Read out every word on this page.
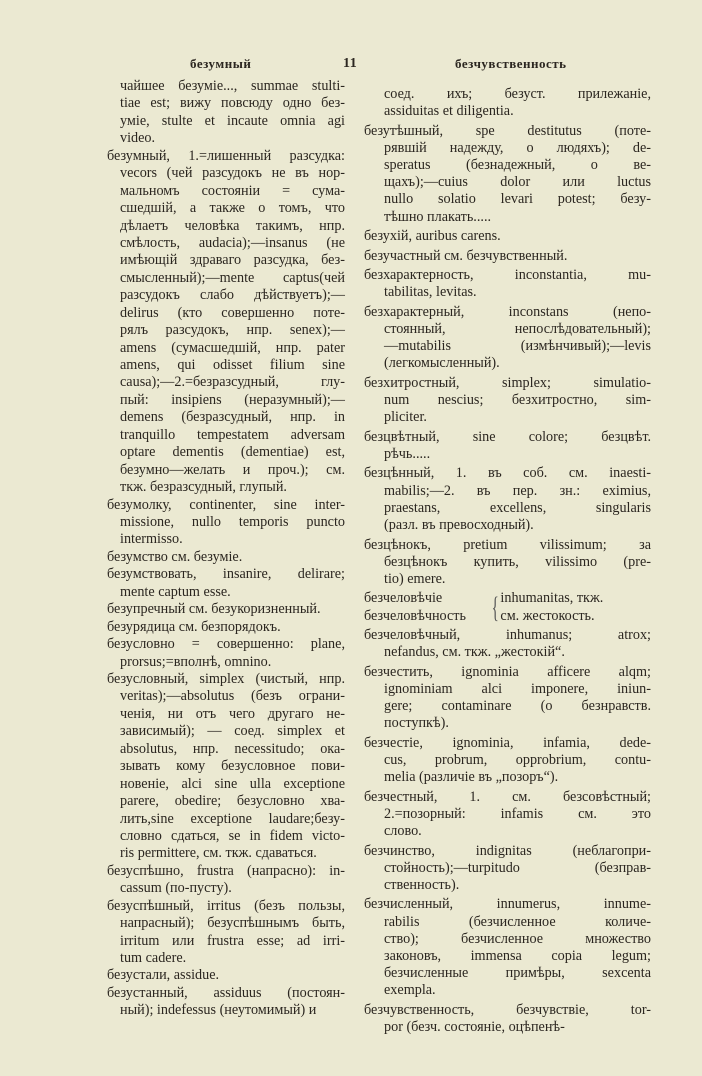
безумный	11	безчувственность
чайшее безуміе..., summae stulti-
tiae est; вижу повсюду одно без-
уміе, stulte et incaute omnia agi
video.
безумный, 1.=лишенный разсудка:
vecors (чей разсудокъ не въ нор-
мальномъ состояніи = сума-
сшедшій, а также о томъ, что
дѣлаетъ человѣка такимъ, нпр.
смѣлость, audacia);—insanus (не
имѣющій здраваго разсудка, без-
смысленный);—mente captus(чей
разсудокъ слабо дѣйствуетъ);—
delirus (кто совершенно поте-
рялъ разсудокъ, нпр. senex);—
amens (сумасшедшій, нпр. pater
amens, qui odisset filium sine
causa);—2.=безразсудный, глу-
пый: insipiens (неразумный);—
demens (безразсудный, нпр. in
tranquillo tempestatem adversam
optare dementis (dementiae) est,
безумно—желать и проч.); см.
ткж. безразсудный, глупый.
безумолку, continenter, sine inter-
missione, nullo temporis puncto
intermisso.
безумство см. безуміе.
безумствовать, insanire, delirare;
mente captum esse.
безупречный см. безукоризненный.
безурядица см. безпорядокъ.
безусловно = совершенно: plane,
prorsus;=вполнѣ, omnino.
безусловный, simplex (чистый, нпр.
veritas);—absolutus (безъ ограни-
ченія, ни отъ чего другаго не-
зависимый); — соед. simplex et
absolutus, нпр. necessitudo; ока-
зывать кому безусловное пови-
новеніе, alci sine ulla exceptione
parere, obedire; безусловно хва-
лить,sine exceptione laudare;безу-
словно сдаться, se in fidem victo-
ris permittere, см. ткж. сдаваться.
безуспѣшно, frustra (напрасно): in-
cassum (по-пусту).
безуспѣшный, irritus (безъ пользы,
напрасный); безуспѣшнымъ быть,
irritum или frustra esse; ad irri-
tum cadere.
безустали, assidue.
безустанный, assiduus (постоян-
ный); indefessus (неутомимый) и
соед. ихъ; безуст. прилежаніе,
assiduitas et diligentia.
безутѣшный, spe destitutus (поте-
рявшій надежду, о людяхъ); de-
speratus (безнадежный, о ве-
щахъ);—cuius dolor или luctus
nullo solatio levari potest; безу-
тѣшно плакать.....
безухій, auribus carens.
безучастный см. безчувственный.
безхарактерность, inconstantia, mu-
tabilitas, levitas.
безхарактерный, inconstans (непо-
стоянный, непослѣдовательный);
—mutabilis (измѣнчивый);—levis
(легкомысленный).
безхитростный, simplex; simulatio-
num nescius; безхитростно, sim-
pliciter.
безцвѣтный, sine colore; безцвѣт.
рѣчь.....
безцѣнный, 1. въ соб. см. inaesti-
mabilis;—2. въ пер. зн.: eximius,
praestans, excellens, singularis
(разл. въ превосходный).
безцѣнокъ, pretium vilissimum; за
безцѣнокъ купить, vilissimo (pre-
tio) emere.
безчеловѣчіе
безчеловѣчность { inhumanitas, ткж.
см. жестокость.
безчеловѣчный, inhumanus; atrox;
nefandus, см. ткж. „жестокій“.
безчестить, ignominia afficere alqm;
ignominiam alci imponere, iniun-
gere; contaminare (о безнравств.
поступкѣ).
безчестіе, ignominia, infamia, dede-
cus, probrum, opprobrium, contu-
melia (различіе въ „позоръ“).
безчестный, 1. см. безсовѣстный;
2.=позорный: infamis см. это
слово.
безчинство, indignitas (неблагопри-
стойность);—turpitudo (безправ-
ственность).
безчисленный, innumerus, innume-
rabilis (безчисленное количе-
ство); безчисленное множество
законовъ, immensa copia legum;
безчисленные примѣры, sexcenta
exempla.
безчувственность, безчувствіе, tor-
por (безч. состояніе, оцѣпенѣ-
